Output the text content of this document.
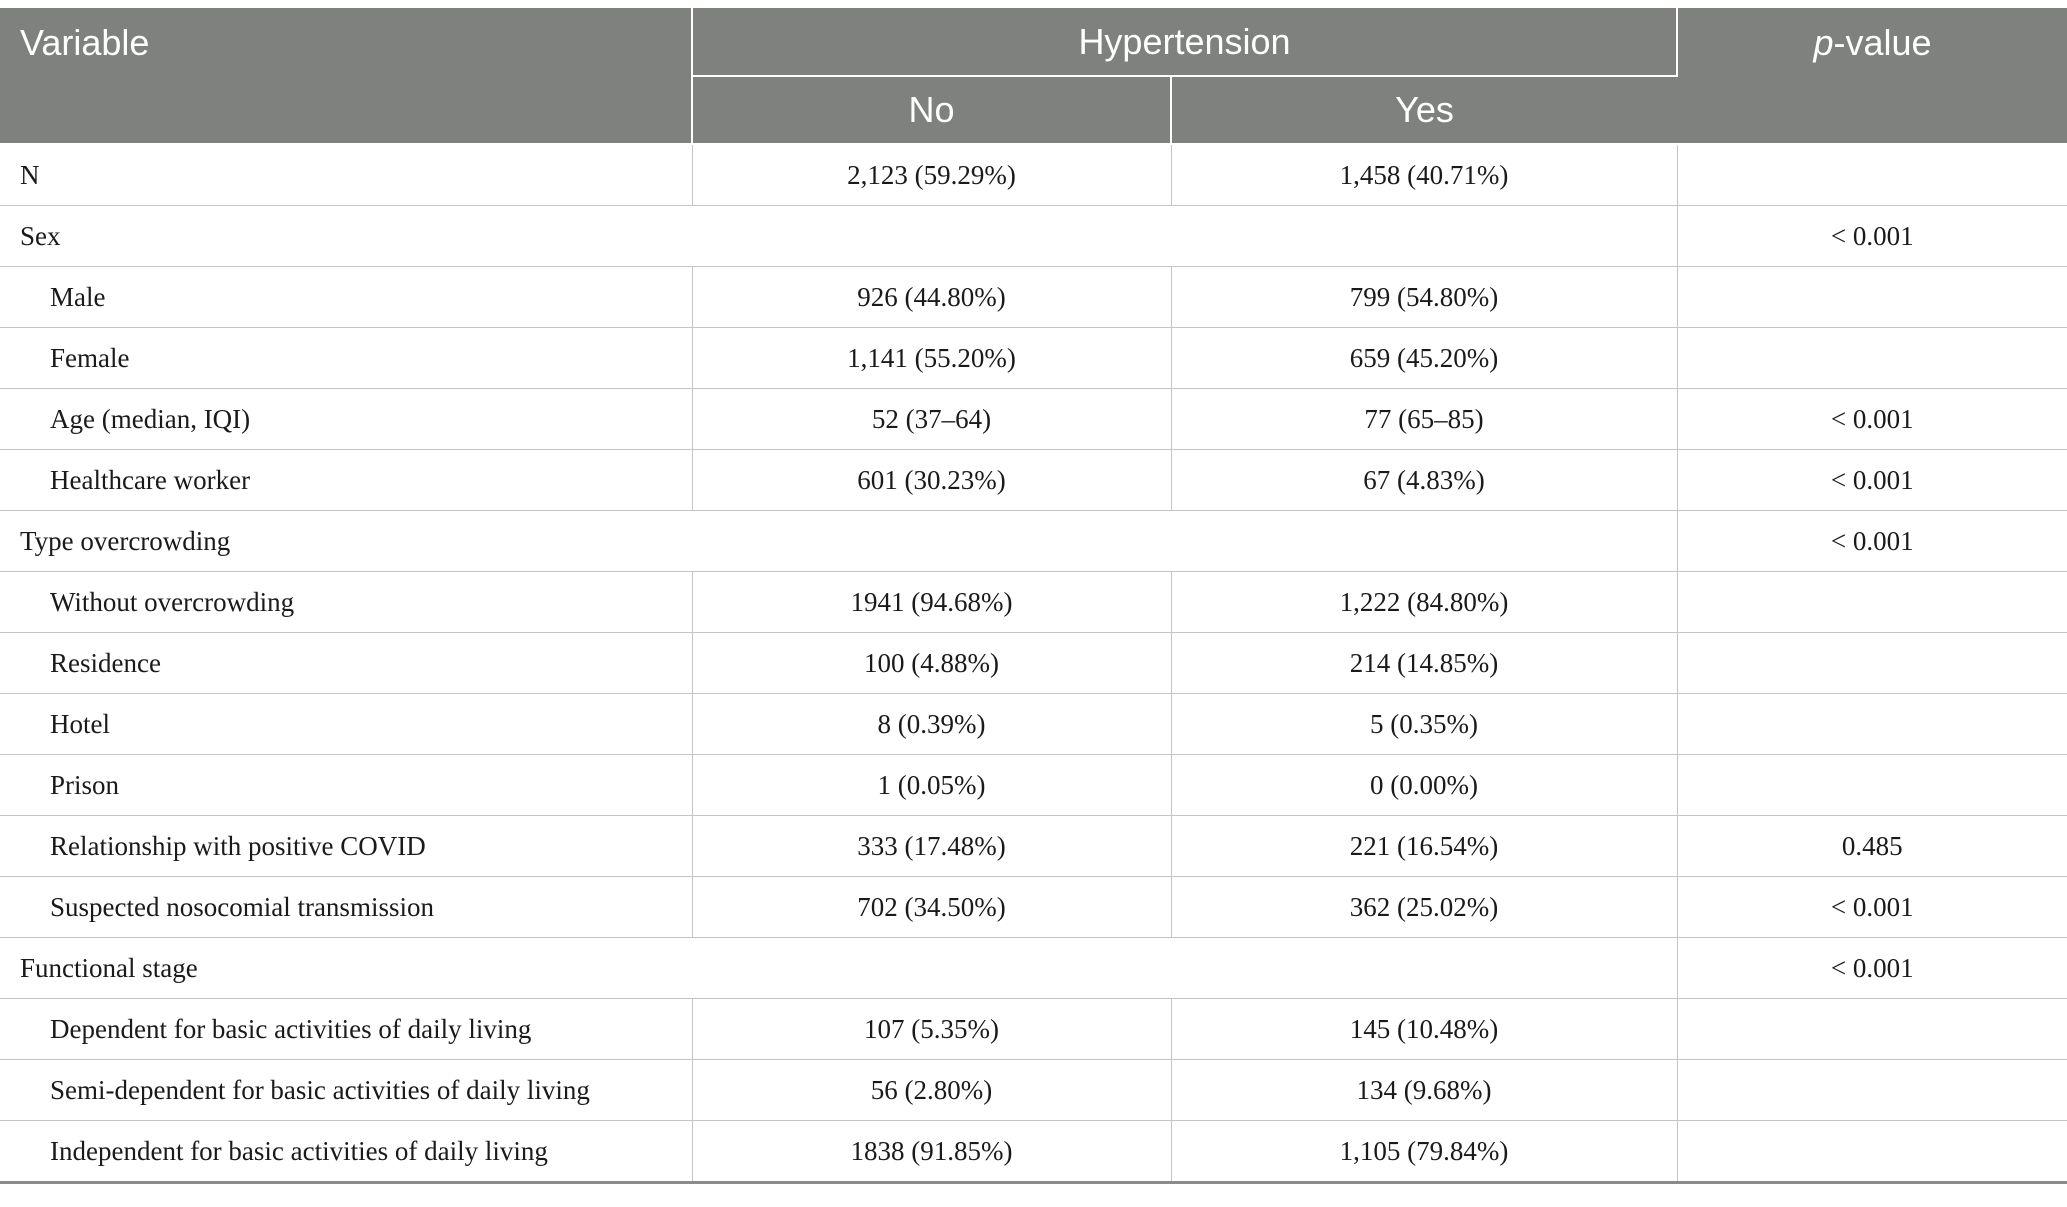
Variable	Hypertension		p-value
	No	Yes	
N	2,123 (59.29%)	1,458 (40.71%)	
Sex			< 0.001
Male	926 (44.80%)	799 (54.80%)	
Female	1,141 (55.20%)	659 (45.20%)	
Age (median, IQI)	52 (37–64)	77 (65–85)	< 0.001
Healthcare worker	601 (30.23%)	67 (4.83%)	< 0.001
Type overcrowding			< 0.001
Without overcrowding	1941 (94.68%)	1,222 (84.80%)	
Residence	100 (4.88%)	214 (14.85%)	
Hotel	8 (0.39%)	5 (0.35%)	
Prison	1 (0.05%)	0 (0.00%)	
Relationship with positive COVID	333 (17.48%)	221 (16.54%)	0.485
Suspected nosocomial transmission	702 (34.50%)	362 (25.02%)	< 0.001
Functional stage			< 0.001
Dependent for basic activities of daily living	107 (5.35%)	145 (10.48%)	
Semi-dependent for basic activities of daily living	56 (2.80%)	134 (9.68%)	
Independent for basic activities of daily living	1838 (91.85%)	1,105 (79.84%)	
